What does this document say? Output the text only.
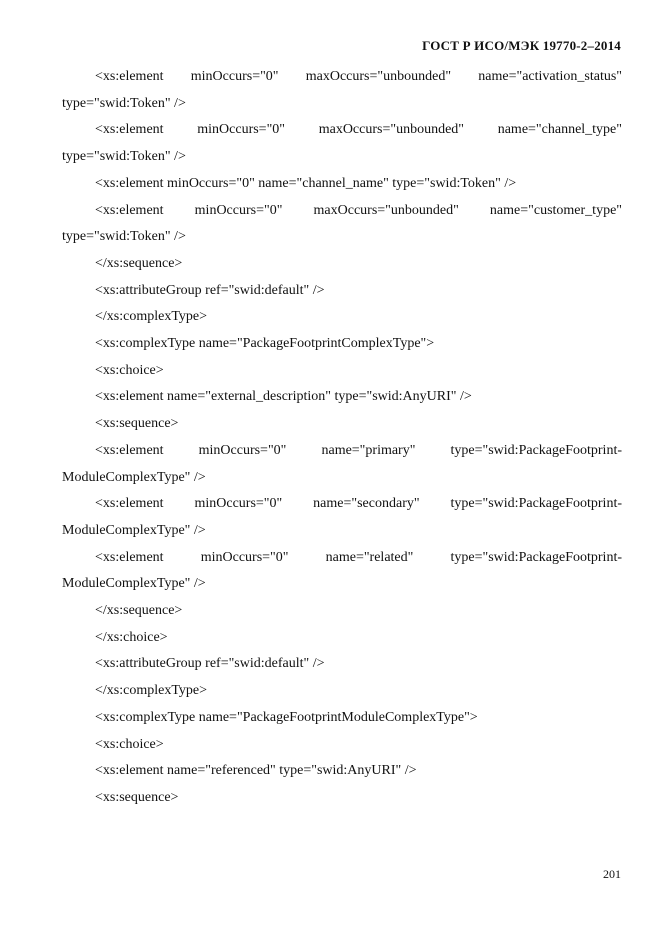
ГОСТ Р ИСО/МЭК 19770-2–2014

<xs:element minOccurs="0" maxOccurs="unbounded" name="activation_status" type="swid:Token" />

<xs:element minOccurs="0" maxOccurs="unbounded" name="channel_type" type="swid:Token" />

<xs:element minOccurs="0" name="channel_name" type="swid:Token" />

<xs:element minOccurs="0" maxOccurs="unbounded" name="customer_type" type="swid:Token" />

</xs:sequence>

<xs:attributeGroup ref="swid:default" />

</xs:complexType>

<xs:complexType name="PackageFootprintComplexType">

<xs:choice>

<xs:element name="external_description" type="swid:AnyURI" />

<xs:sequence>

<xs:element minOccurs="0" name="primary" type="swid:PackageFootprint-ModuleComplexType" />

<xs:element minOccurs="0" name="secondary" type="swid:PackageFootprint-ModuleComplexType" />

<xs:element minOccurs="0" name="related" type="swid:PackageFootprint-ModuleComplexType" />

</xs:sequence>

</xs:choice>

<xs:attributeGroup ref="swid:default" />

</xs:complexType>

<xs:complexType name="PackageFootprintModuleComplexType">

<xs:choice>

<xs:element name="referenced" type="swid:AnyURI" />

<xs:sequence>

201
